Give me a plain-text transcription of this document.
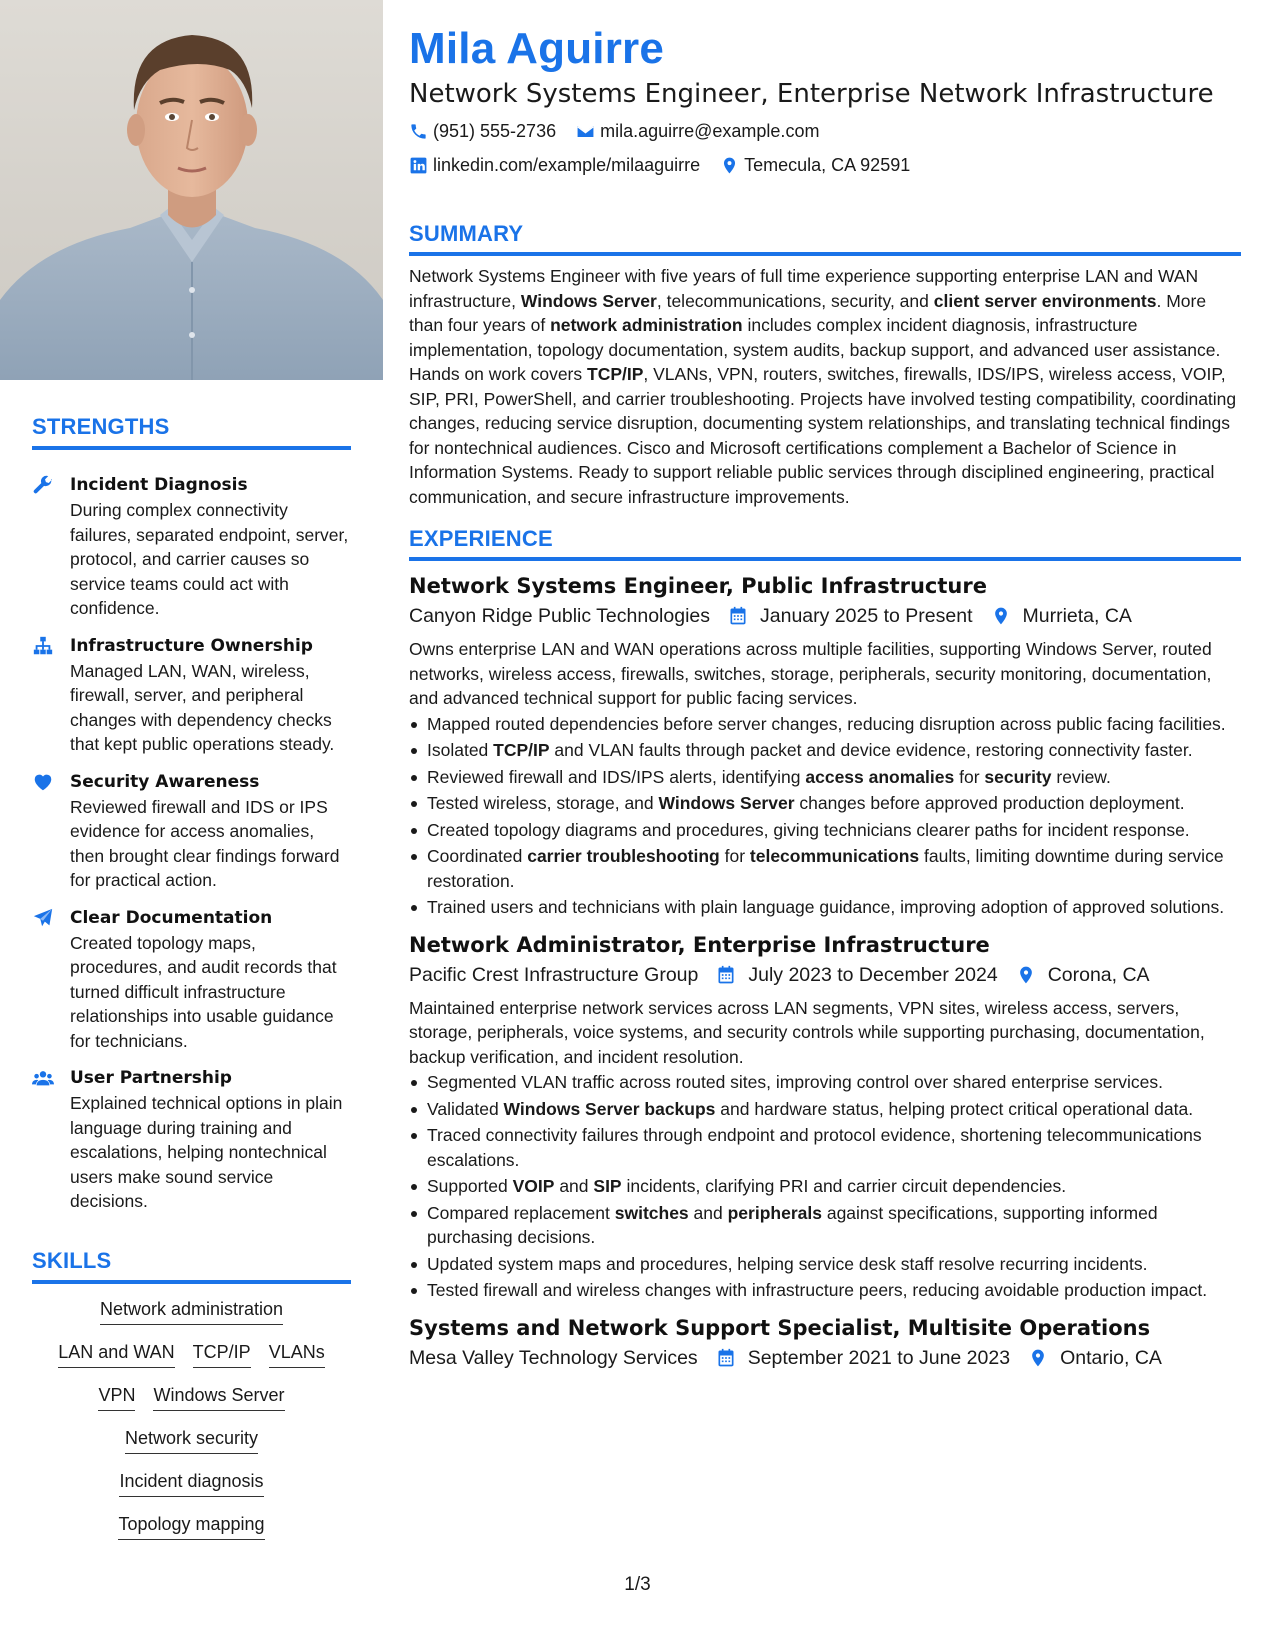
STRENGTHS
Incident Diagnosis
During complex connectivity failures, separated endpoint, server, protocol, and carrier causes so service teams could act with confidence.
Infrastructure Ownership
Managed LAN, WAN, wireless, firewall, server, and peripheral changes with dependency checks that kept public operations steady.
Security Awareness
Reviewed firewall and IDS or IPS evidence for access anomalies, then brought clear findings forward for practical action.
Clear Documentation
Created topology maps, procedures, and audit records that turned difficult infrastructure relationships into usable guidance for technicians.
User Partnership
Explained technical options in plain language during training and escalations, helping nontechnical users make sound service decisions.
SKILLS
Network administration
LAN and WAN TCP/IP VLANs
VPN Windows Server
Network security
Incident diagnosis
Topology mapping
Mila Aguirre
Network Systems Engineer, Enterprise Network Infrastructure
(951) 555-2736 mila.aguirre@example.com
linkedin.com/example/milaaguirre Temecula, CA 92591
SUMMARY
Network Systems Engineer with five years of full time experience supporting enterprise LAN and WAN infrastructure, Windows Server, telecommunications, security, and client server environments. More than four years of network administration includes complex incident diagnosis, infrastructure implementation, topology documentation, system audits, backup support, and advanced user assistance. Hands on work covers TCP/IP, VLANs, VPN, routers, switches, firewalls, IDS/IPS, wireless access, VOIP, SIP, PRI, PowerShell, and carrier troubleshooting. Projects have involved testing compatibility, coordinating changes, reducing service disruption, documenting system relationships, and translating technical findings for nontechnical audiences. Cisco and Microsoft certifications complement a Bachelor of Science in Information Systems. Ready to support reliable public services through disciplined engineering, practical communication, and secure infrastructure improvements.
EXPERIENCE
Network Systems Engineer, Public Infrastructure
Canyon Ridge Public Technologies	January 2025 to Present	Murrieta, CA
Owns enterprise LAN and WAN operations across multiple facilities, supporting Windows Server, routed networks, wireless access, firewalls, switches, storage, peripherals, security monitoring, documentation, and advanced technical support for public facing services.
Mapped routed dependencies before server changes, reducing disruption across public facing facilities.
Isolated TCP/IP and VLAN faults through packet and device evidence, restoring connectivity faster.
Reviewed firewall and IDS/IPS alerts, identifying access anomalies for security review.
Tested wireless, storage, and Windows Server changes before approved production deployment.
Created topology diagrams and procedures, giving technicians clearer paths for incident response.
Coordinated carrier troubleshooting for telecommunications faults, limiting downtime during service restoration.
Trained users and technicians with plain language guidance, improving adoption of approved solutions.
Network Administrator, Enterprise Infrastructure
Pacific Crest Infrastructure Group	July 2023 to December 2024	Corona, CA
Maintained enterprise network services across LAN segments, VPN sites, wireless access, servers, storage, peripherals, voice systems, and security controls while supporting purchasing, documentation, backup verification, and incident resolution.
Segmented VLAN traffic across routed sites, improving control over shared enterprise services.
Validated Windows Server backups and hardware status, helping protect critical operational data.
Traced connectivity failures through endpoint and protocol evidence, shortening telecommunications escalations.
Supported VOIP and SIP incidents, clarifying PRI and carrier circuit dependencies.
Compared replacement switches and peripherals against specifications, supporting informed purchasing decisions.
Updated system maps and procedures, helping service desk staff resolve recurring incidents.
Tested firewall and wireless changes with infrastructure peers, reducing avoidable production impact.
Systems and Network Support Specialist, Multisite Operations
Mesa Valley Technology Services	September 2021 to June 2023	Ontario, CA
1/3
